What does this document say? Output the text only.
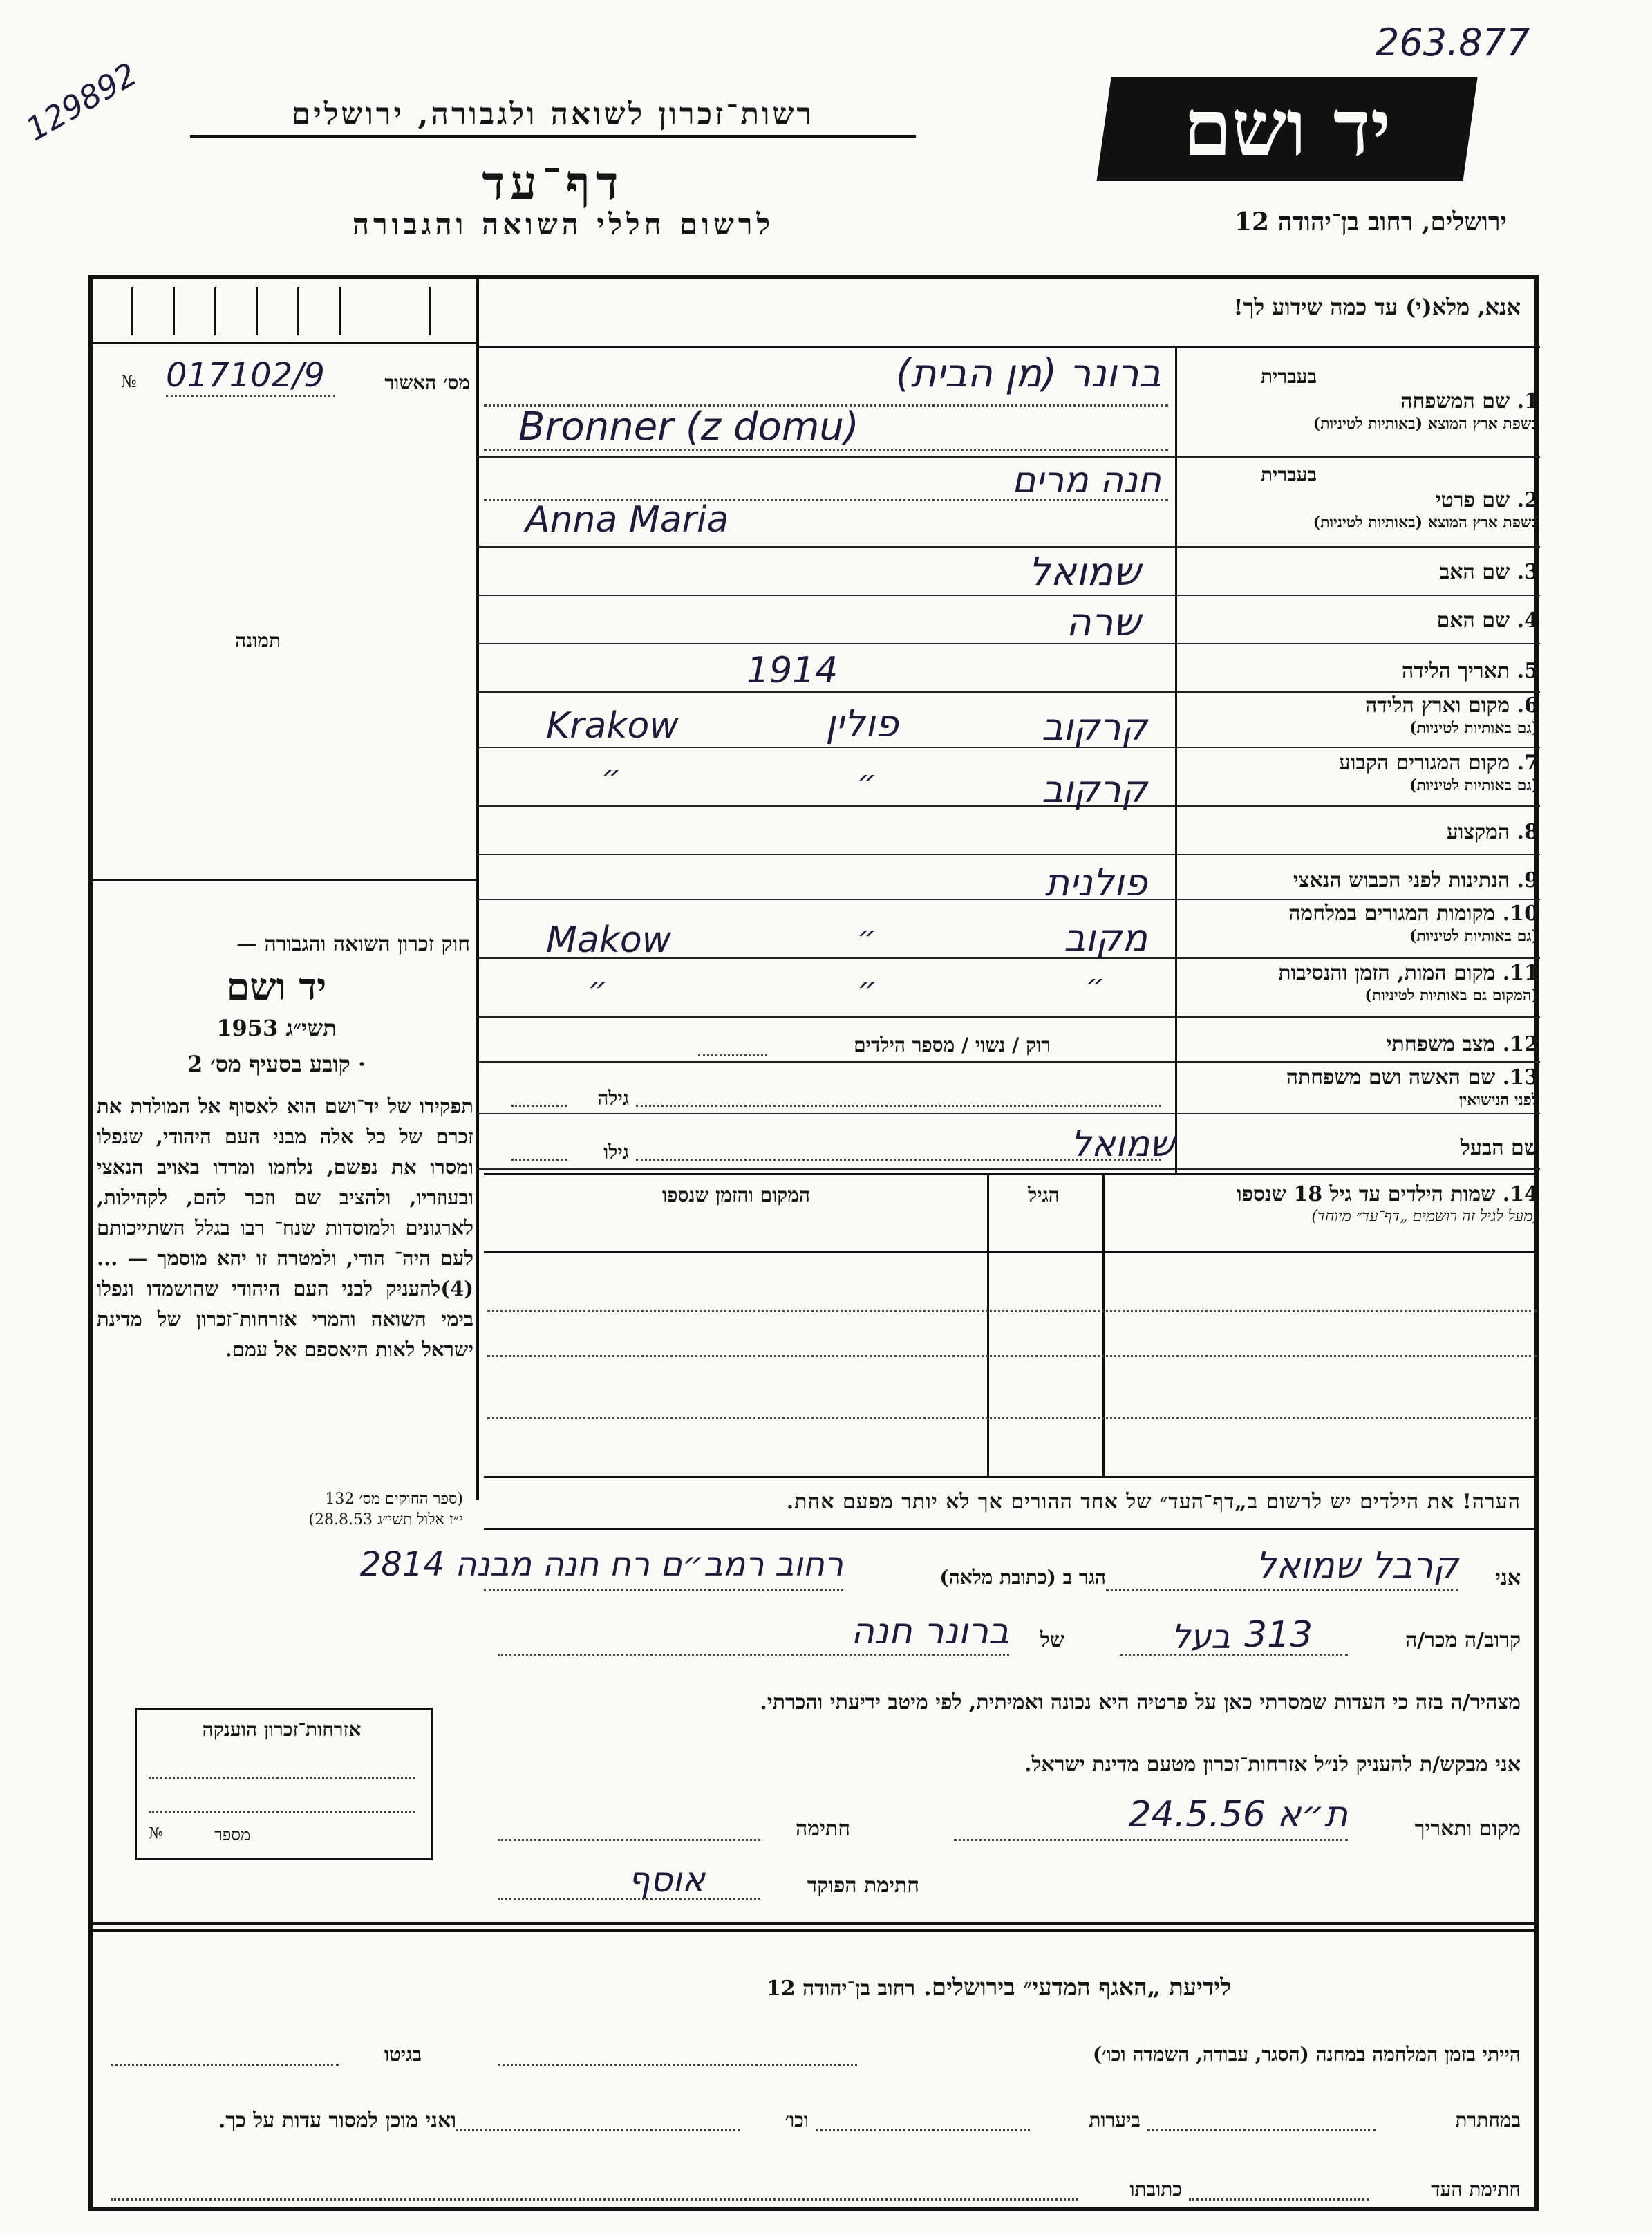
263.877
129892	רשות־זכרון לשואה ולגבורה, ירושלים
דף־עד
לרשום חללי השואה והגבורה
יד ושם
ירושלים, רחוב בן־יהודה 12
אנא, מלא(י) עד כמה שידוע לך!
מס׳ האשור
№ 017102/9
תמונה
חוק זכרון השואה והגבורה —
יד ושם
תשי״ג 1953
· קובע בסעיף מס׳ 2
תפקידו של יד־ושם הוא לאסוף אל המולדת את זכרם של כל אלה מבני העם היהודי, שנפלו ומסרו את נפשם, נלחמו ומרדו באויב הנאצי ובעוזריו, ולהציב שם וזכר להם, לקהילות, לארגונים ולמוסדות שנח־ רבו בגלל השתייכותם לעם היה־ הודי, ולמטרה זו יהא מוסמך — ...(4)להעניק לבני העם היהודי שהושמדו ונפלו בימי השואה והמרי אזרחות־זכרון של מדינת ישראל לאות היאספם אל עמם.
(ספר החוקים מס׳ 132
י״ז אלול תשי״ג 28.8.53)
אזרחות־זכרון הוענקה
מספר
№
בעברית
1. שם המשפחה
בשפת ארץ המוצא (באותיות לטיניות)
ברונר (מן הבית)
Bronner (z domu)
בעברית
2. שם פרטי
בשפת ארץ המוצא (באותיות לטיניות)
חנה מרים
Anna Maria
3. שם האב
שמואל
4. שם האם
שרה
5. תאריך הלידה
1914
6. מקום וארץ הלידה
(גם באותיות לטיניות)
קרקוב
פולין
Krakow
7. מקום המגורים הקבוע
(גם באותיות לטיניות)
קרקוב
״
״
8. המקצוע
9. הנתינות לפני הכבוש הנאצי
פולנית
10. מקומות המגורים במלחמה
(גם באותיות לטיניות)
מקוב
״
Makow
11. מקום המות, הזמן והנסיבות
(המקום גם באותיות לטיניות)
״
״
״
12. מצב משפחתי
רוק / נשוי / מספר הילדים
13. שם האשה ושם משפחתה
לפני הנישואין
גילה
שם הבעל
שמואל
גילו
14. שמות הילדים עד גיל 18 שנספו
(מעל לגיל זה רושמים „דף־עד״ מיוחד)
הגיל
המקום והזמן שנספו
הערה! את הילדים יש לרשום ב„דף־העד״ של אחד ההורים אך לא יותר מפעם אחת.
אני
קרבל שמואל
הגר ב (כתובת מלאה)
רחוב רמב״ם רח חנה מבנה 2814
קרוב/ה מכר/ה
313
בעל
של
ברונר חנה
מצהיר/ה בזה כי העדות שמסרתי כאן על פרטיה היא נכונה ואמיתית, לפי מיטב ידיעתי והכרתי.
אני מבקש/ת להעניק לנ״ל אזרחות־זכרון מטעם מדינת ישראל.
מקום ותאריך
ת״א 24.5.56
חתימה
חתימת הפוקד
אוסף
לידיעת „האגף המדעי״ בירושלים. רחוב בן־יהודה 12
הייתי בזמן המלחמה במחנה (הסגר, עבודה, השמדה וכו׳)
בגיטו
במחתרת
ביערות
וכו׳
ואני מוכן למסור עדות על כך.
חתימת העד
כתובתו
